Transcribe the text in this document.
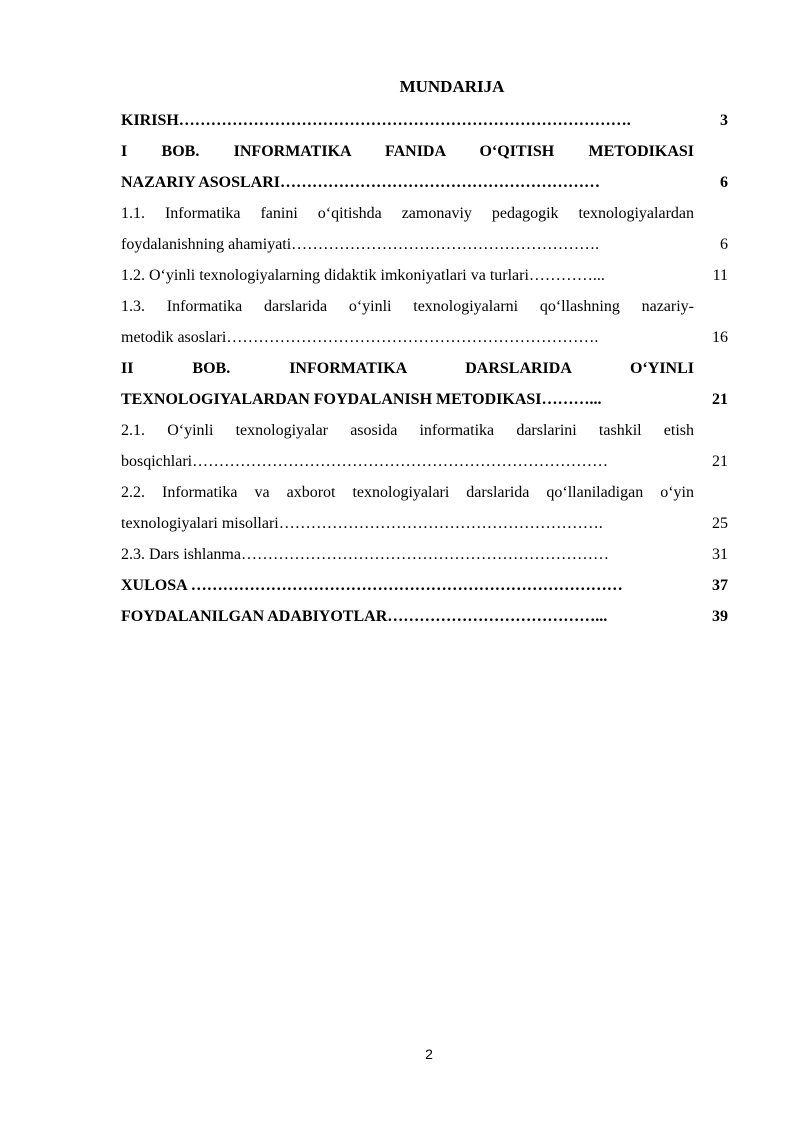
MUNDARIJA
KIRISH………………………………………………………………………….	3
I BOB. INFORMATIKA FANIDA O‘QITISH METODIKASI
NAZARIY ASOSLARI……………………………………………………	6
1.1. Informatika fanini o‘qitishda zamonaviy pedagogik texnologiyalardan
foydalanishning ahamiyati………………………………………………….	6
1.2. O‘yinli texnologiyalarning didaktik imkoniyatlari va turlari…………...	11
1.3. Informatika darslarida o‘yinli texnologiyalarni qo‘llashning nazariy-
metodik asoslari…………………………………………………………….	16
II BOB. INFORMATIKA DARSLARIDA O‘YINLI
TEXNOLOGIYALARDAN FOYDALANISH METODIKASI………...	21
2.1. O‘yinli texnologiyalar asosida informatika darslarini tashkil etish
bosqichlari……………………………………………………………………	21
2.2. Informatika va axborot texnologiyalari darslarida qo‘llaniladigan o‘yin
texnologiyalari misollari…………………………………………………….	25
2.3. Dars ishlanma……………………………………………………………	31
XULOSA ………………………………………………………………………	37
FOYDALANILGAN ADABIYOTLAR…………………………………...	39
2
